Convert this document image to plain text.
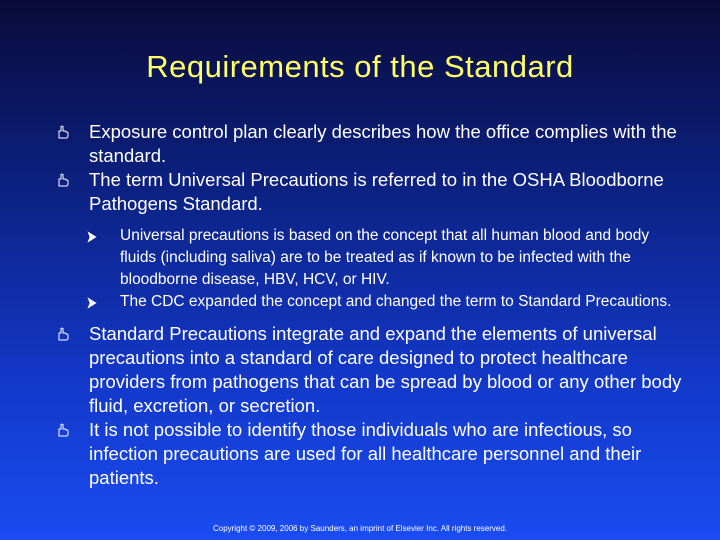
Requirements of the Standard
Exposure control plan clearly describes how the office complies with the standard.
The term Universal Precautions is referred to in the OSHA Bloodborne Pathogens Standard.
Universal precautions is based on the concept that all human blood and body fluids (including saliva) are to be treated as if known to be infected with the bloodborne disease, HBV, HCV, or HIV.
The CDC expanded the concept and changed the term to Standard Precautions.
Standard Precautions integrate and expand the elements of universal precautions into a standard of care designed to protect healthcare providers from pathogens that can be spread by blood or any other body fluid, excretion, or secretion.
It is not possible to identify those individuals who are infectious, so infection precautions are used for all healthcare personnel and their patients.
Copyright © 2009, 2006 by Saunders, an imprint of Elsevier Inc. All rights reserved.
